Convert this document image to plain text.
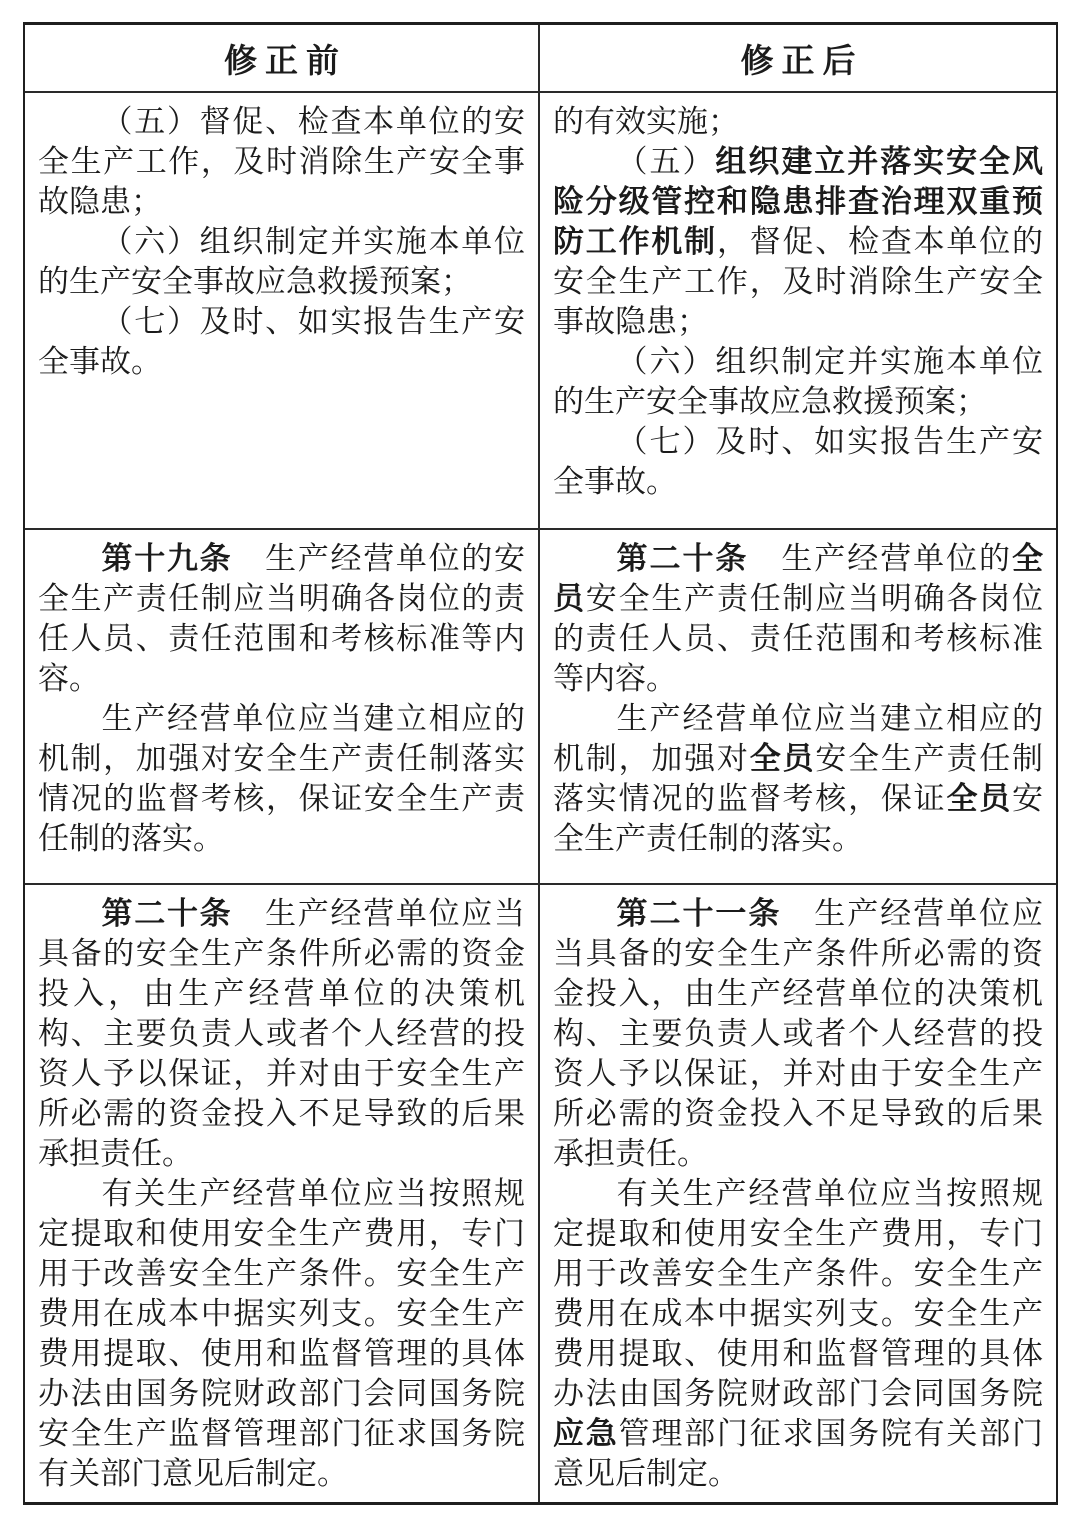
修正前	修正后

（五）督促、检查本单位的安全生产工作，及时消除生产安全事故隐患；

（六）组织制定并实施本单位的生产安全事故应急救援预案；

（七）及时、如实报告生产安全事故。

的有效实施；

（五）组织建立并落实安全风险分级管控和隐患排查治理双重预防工作机制，督促、检查本单位的安全生产工作，及时消除生产安全事故隐患；

（六）组织制定并实施本单位的生产安全事故应急救援预案；

（七）及时、如实报告生产安全事故。

第十九条　生产经营单位的安全生产责任制应当明确各岗位的责任人员、责任范围和考核标准等内容。

生产经营单位应当建立相应的机制，加强对安全生产责任制落实情况的监督考核，保证安全生产责任制的落实。

第二十条　生产经营单位的全员安全生产责任制应当明确各岗位的责任人员、责任范围和考核标准等内容。

生产经营单位应当建立相应的机制，加强对全员安全生产责任制落实情况的监督考核，保证全员安全生产责任制的落实。

第二十条　生产经营单位应当具备的安全生产条件所必需的资金投入，由生产经营单位的决策机构、主要负责人或者个人经营的投资人予以保证，并对由于安全生产所必需的资金投入不足导致的后果承担责任。

有关生产经营单位应当按照规定提取和使用安全生产费用，专门用于改善安全生产条件。安全生产费用在成本中据实列支。安全生产费用提取、使用和监督管理的具体办法由国务院财政部门会同国务院安全生产监督管理部门征求国务院有关部门意见后制定。

第二十一条　生产经营单位应当具备的安全生产条件所必需的资金投入，由生产经营单位的决策机构、主要负责人或者个人经营的投资人予以保证，并对由于安全生产所必需的资金投入不足导致的后果承担责任。

有关生产经营单位应当按照规定提取和使用安全生产费用，专门用于改善安全生产条件。安全生产费用在成本中据实列支。安全生产费用提取、使用和监督管理的具体办法由国务院财政部门会同国务院应急管理部门征求国务院有关部门意见后制定。
